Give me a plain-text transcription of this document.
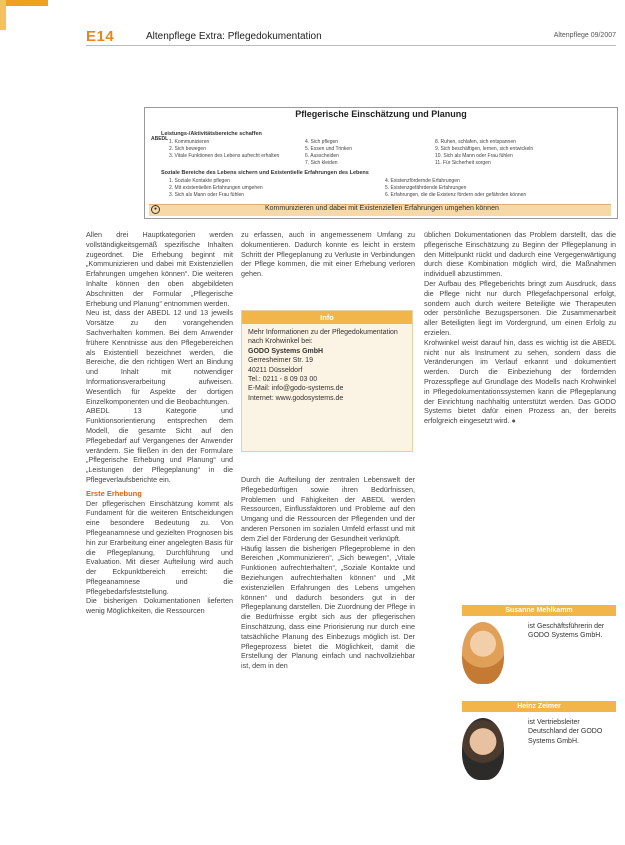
E14	Altenpflege Extra: Pflegedokumentation	Altenpflege 09/2007
Pflegerische Einschätzung und Planung
ABEDL
Leistungs-/Aktivitätsbereiche schaffen
1. Kommunizieren
2. Sich bewegen
3. Vitale Funktionen des Lebens aufrecht erhalten
4. Sich pflegen
5. Essen und Trinken
6. Ausscheiden
7. Sich kleiden
8. Ruhen, schlafen, sich entspannen
9. Sich beschäftigen, lernen, sich entwickeln
10. Sich als Mann oder Frau fühlen
11. Für Sicherheit sorgen
Soziale Bereiche des Lebens sichern und Existentielle Erfahrungen des Lebens
1. Soziale Kontakte pflegen
2. Mit existentiellen Erfahrungen umgehen
3. Sich als Mann oder Frau fühlen
4. Existenzfördernde Erfahrungen
5. Existenzgefährdende Erfahrungen
6. Erfahrungen, die die Existenz fördern oder gefährden können
●	Kommunizieren und dabei mit Existenziellen Erfahrungen umgehen können

Allen drei Hauptkategorien werden vollständigkeitsgemäß spezifische Inhalten zugeordnet. Die Erhebung beginnt mit „Kommunizieren und dabei mit Existenziellen Erfahrungen umgehen können“. Die weiteren Inhalte können den oben abgebildeten Abschnitten der Formular „Pflegerische Erhebung und Planung“ entnommen werden.

Neu ist, dass der ABEDL 12 und 13 jeweils Vorsätze zu den vorangehenden Sachverhalten kommen. Bei dem Anwender frühere Kenntnisse aus den Pflegebereichen als Existentiell bezeichnet werden, die Bereiche, die den richtigen Wert an Bindung und Inhalt mit notwendiger Informationsverarbeitung aufweisen. Wesentlich für Aspekte der dortigen Einzelkomponenten und die Beobachtungen.

ABEDL 13 Kategorie und Funktionsorientierung entsprechen dem Modell, die gesamte Sicht auf den Pflegebedarf auf Vergangenes der Anwender verändern. Sie fließen in den der Formulare „Pflegerische Erhebung und Planung“ und „Leistungen der Pflegeplanung“ in die Pflegeverlaufsberichte ein.

Erste Erhebung

Der pflegerischen Einschätzung kommt als Fundament für die weiteren Entscheidungen eine besondere Bedeutung zu. Von Pflegeanamnese und gezielten Prognosen bis hin zur Erarbeitung einer angelegten Basis für die Pflegeplanung, Durchführung und Evaluation. Mit dieser Aufteilung wird auch der Eckpunktbereich erreicht: die Pflegeanamnese und die Pflegebedarfsfeststellung.

Die bisherigen Dokumentationen lieferten wenig Möglichkeiten, die Ressourcen

zu erfassen, auch in angemessenem Umfang zu dokumentieren. Dadurch konnte es leicht in erstem Schritt der Pflegeplanung zu Verluste in Verbindungen der Pflege kommen, die mit einer Erhebung verloren gehen.

Info
Mehr Informationen zu der Pflegedokumentation nach Krohwinkel bei:
GODO Systems GmbH
Gerresheimer Str. 19
40211 Düsseldorf
Tel.: 0211 - 8 09 03 00
E-Mail: info@godo-systems.de
Internet: www.godosystems.de

Durch die Aufteilung der zentralen Lebenswelt der Pflegebedürftigen sowie ihren Bedürfnissen, Problemen und Fähigkeiten der ABEDL werden Ressourcen, Einflussfaktoren und Probleme auf den Umgang und die Ressourcen der Pflegenden und der anderen Personen im sozialen Umfeld erfasst und mit dem Ziel der Förderung der Gesundheit verknüpft.

Häufig lassen die bisherigen Pflegeprobleme in den Bereichen „Kommunizieren“, „Sich bewegen“, „Vitale Funktionen aufrechterhalten“, „Soziale Kontakte und Beziehungen aufrechterhalten können“ und „Mit existenziellen Erfahrungen des Lebens umgehen können“ und dadurch besonders gut in der Pflegeplanung darstellen. Die Zuordnung der Pflege in die Bedürfnisse ergibt sich aus der pflegerischen Einschätzung, dass eine Priorisierung nur durch eine tatsächliche Planung des Einbezugs möglich ist. Der Pflegeprozess bietet die Möglichkeit, damit die Erstellung der Planung einfach und nachvollziehbar ist, dem in den

üblichen Dokumentationen das Problem darstellt, das die pflegerische Einschätzung zu Beginn der Pflegeplanung in den Mittelpunkt rückt und dadurch eine Vergegenwärtigung durch diese Kombination möglich wird, die Maßnahmen individuell abzustimmen.

Der Aufbau des Pflegeberichts bringt zum Ausdruck, dass die Pflege nicht nur durch Pflegefachpersonal erfolgt, sondern auch durch weitere Beteiligte wie Therapeuten oder persönliche Bezugspersonen. Die Zusammenarbeit aller Beteiligten liegt im Vordergrund, um einen Erfolg zu erzielen.

Krohwinkel weist darauf hin, dass es wichtig ist die ABEDL nicht nur als Instrument zu sehen, sondern dass die Veränderungen im Verlauf erkannt und dokumentiert werden. Durch die Einbeziehung der fördernden Prozesspflege auf Grundlage des Modells nach Krohwinkel in Pflegedokumentationssystemen kann die Pflegeplanung der Einrichtung nachhaltig unterstützt werden. Das GODO Systems bietet dafür einen Prozess an, der bereits erfolgreich eingesetzt wird. ●

Susanne Mehlkamm
ist Geschäftsführerin der GODO Systems GmbH.
Heinz Zeimer
ist Vertriebsleiter Deutschland der GODO Systems GmbH.
